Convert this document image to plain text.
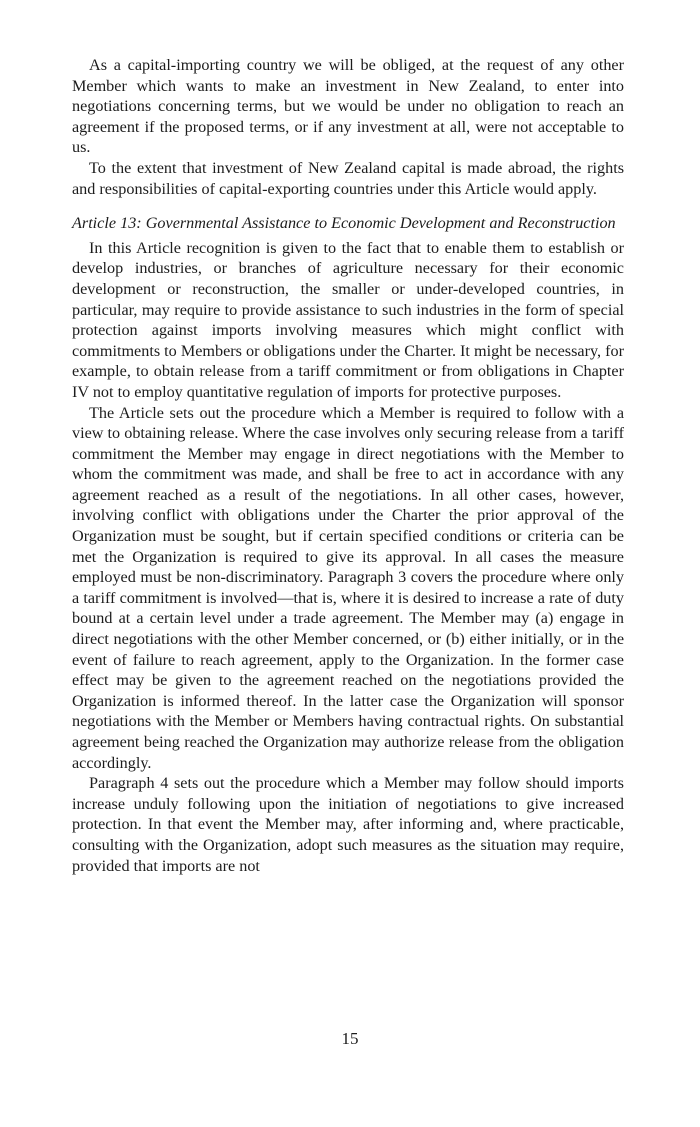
As a capital-importing country we will be obliged, at the request of any other Member which wants to make an investment in New Zealand, to enter into negotiations concerning terms, but we would be under no obligation to reach an agreement if the proposed terms, or if any investment at all, were not acceptable to us.

To the extent that investment of New Zealand capital is made abroad, the rights and responsibilities of capital-exporting countries under this Article would apply.

Article 13: Governmental Assistance to Economic Development and Reconstruction

In this Article recognition is given to the fact that to enable them to establish or develop industries, or branches of agriculture necessary for their economic development or reconstruction, the smaller or under-developed countries, in particular, may require to provide assistance to such industries in the form of special protection against imports involving measures which might conflict with commitments to Members or obligations under the Charter. It might be necessary, for example, to obtain release from a tariff commitment or from obligations in Chapter IV not to employ quantitative regulation of imports for protective purposes.

The Article sets out the procedure which a Member is required to follow with a view to obtaining release. Where the case involves only securing release from a tariff commitment the Member may engage in direct negotiations with the Member to whom the commitment was made, and shall be free to act in accordance with any agreement reached as a result of the negotiations. In all other cases, however, involving conflict with obligations under the Charter the prior approval of the Organization must be sought, but if certain specified conditions or criteria can be met the Organization is required to give its approval. In all cases the measure employed must be non-discriminatory. Paragraph 3 covers the procedure where only a tariff commitment is involved—that is, where it is desired to increase a rate of duty bound at a certain level under a trade agreement. The Member may (a) engage in direct negotiations with the other Member concerned, or (b) either initially, or in the event of failure to reach agreement, apply to the Organization. In the former case effect may be given to the agreement reached on the negotiations provided the Organization is informed thereof. In the latter case the Organization will sponsor negotiations with the Member or Members having contractual rights. On substantial agreement being reached the Organization may authorize release from the obligation accordingly.

Paragraph 4 sets out the procedure which a Member may follow should imports increase unduly following upon the initiation of negotiations to give increased protection. In that event the Member may, after informing and, where practicable, consulting with the Organization, adopt such measures as the situation may require, provided that imports are not

15
